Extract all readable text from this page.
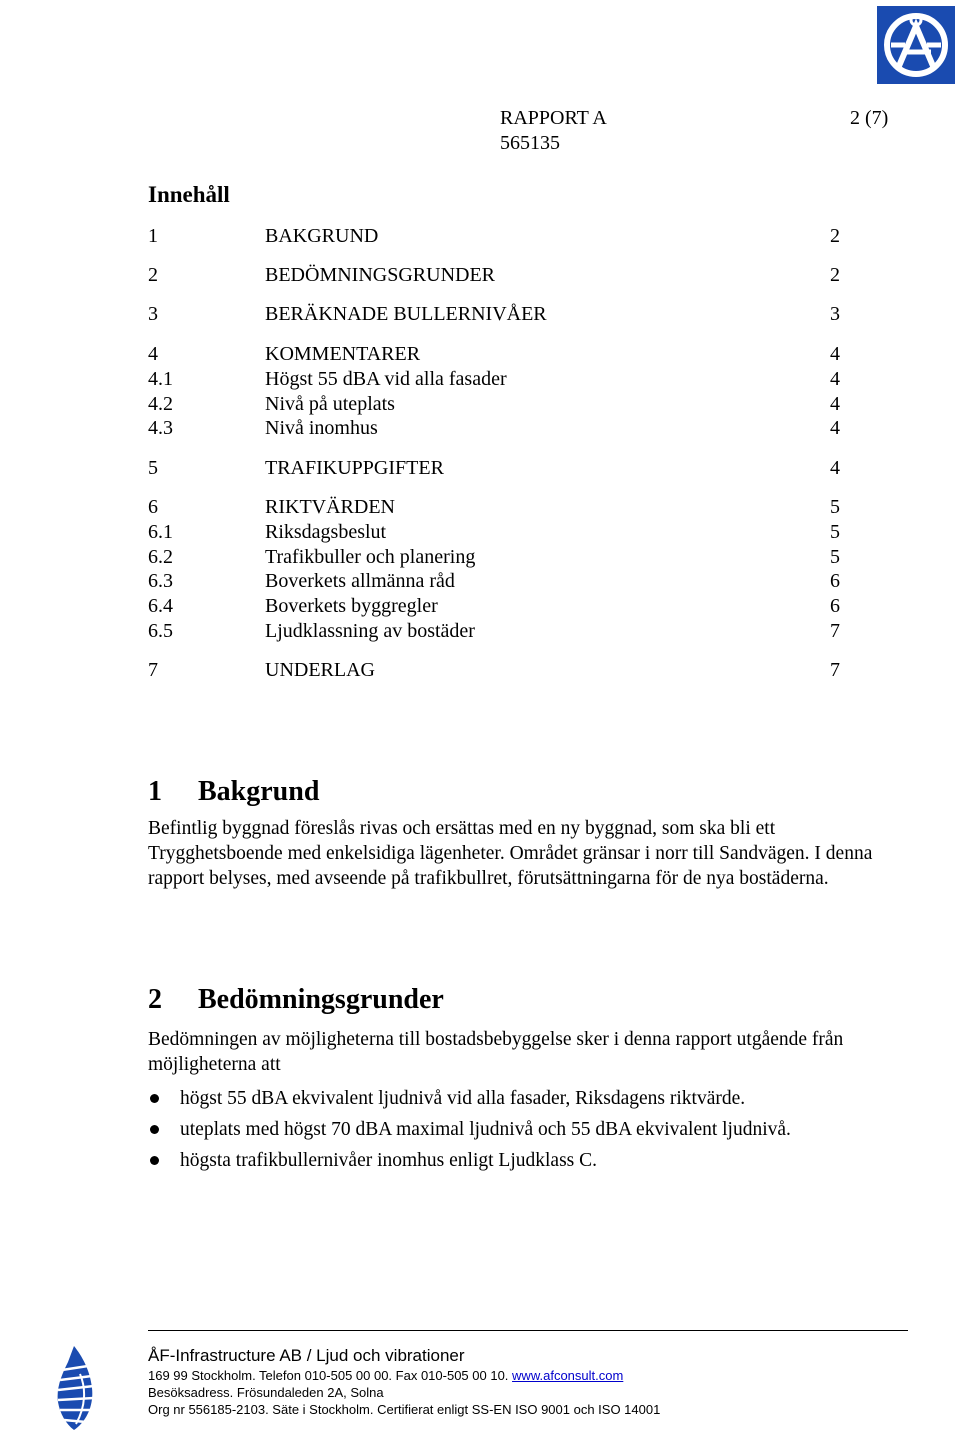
RAPPORT A
565135
2 (7)
Innehåll
1	BAKGRUND	2
2	BEDÖMNINGSGRUNDER	2
3	BERÄKNADE BULLERNIVÅER	3
4	KOMMENTARER	4
4.1	Högst 55 dBA vid alla fasader	4
4.2	Nivå på uteplats	4
4.3	Nivå inomhus	4
5	TRAFIKUPPGIFTER	4
6	RIKTVÄRDEN	5
6.1	Riksdagsbeslut	5
6.2	Trafikbuller och planering	5
6.3	Boverkets allmänna råd	6
6.4	Boverkets byggregler	6
6.5	Ljudklassning av bostäder	7
7	UNDERLAG	7
1 Bakgrund

Befintlig byggnad föreslås rivas och ersättas med en ny byggnad, som ska bli ett Trygghetsboende med enkelsidiga lägenheter. Området gränsar i norr till Sandvägen. I denna rapport belyses, med avseende på trafikbullret, förutsättningarna för de nya bostäderna.

2 Bedömningsgrunder

Bedömningen av möjligheterna till bostadsbebyggelse sker i denna rapport utgående från möjligheterna att

högst 55 dBA ekvivalent ljudnivå vid alla fasader, Riksdagens riktvärde.
uteplats med högst 70 dBA maximal ljudnivå och 55 dBA ekvivalent ljudnivå.
högsta trafikbullernivåer inomhus enligt Ljudklass C.
ÅF-Infrastructure AB / Ljud och vibrationer
169 99 Stockholm. Telefon 010-505 00 00. Fax 010-505 00 10. www.afconsult.com
Besöksadress. Frösundaleden 2A, Solna
Org nr 556185-2103. Säte i Stockholm. Certifierat enligt SS-EN ISO 9001 och ISO 14001
